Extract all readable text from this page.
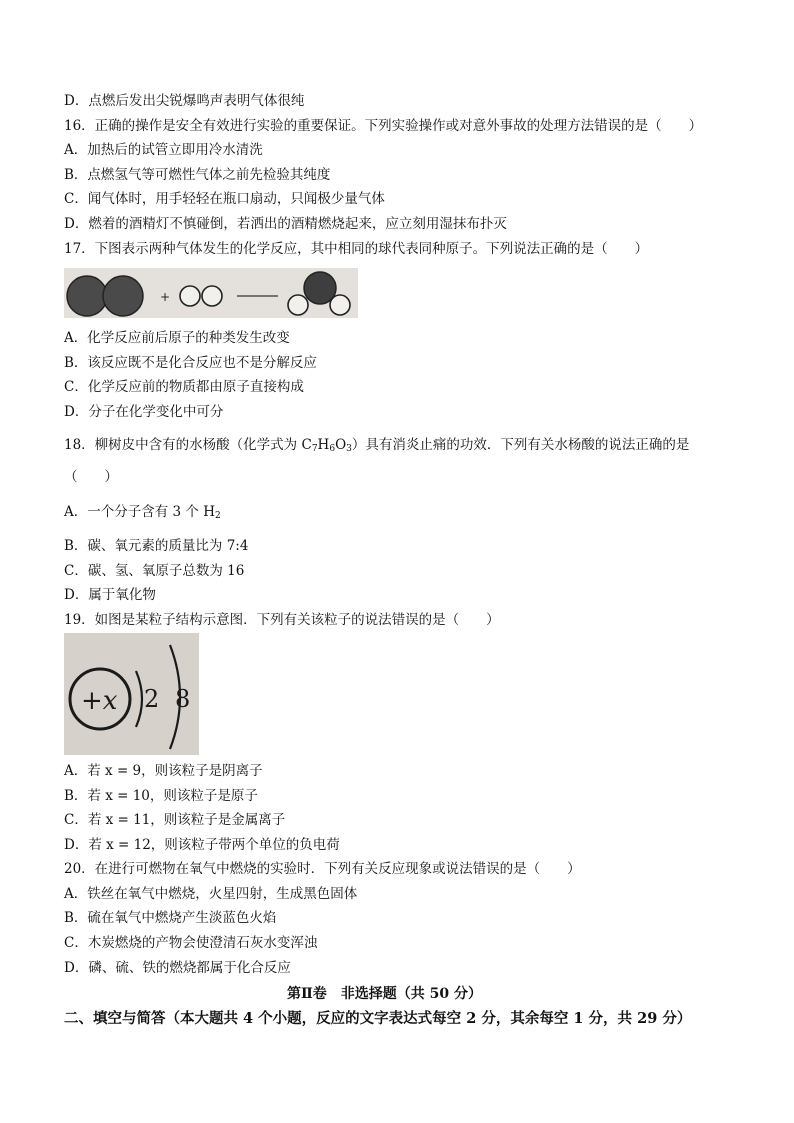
D．点燃后发出尖锐爆鸣声表明气体很纯
16．正确的操作是安全有效进行实验的重要保证。下列实验操作或对意外事故的处理方法错误的是（　　）
A．加热后的试管立即用冷水清洗
B．点燃氢气等可燃性气体之前先检验其纯度
C．闻气体时，用手轻轻在瓶口扇动，只闻极少量气体
D．燃着的酒精灯不慎碰倒，若洒出的酒精燃烧起来，应立刻用湿抹布扑灭
17．下图表示两种气体发生的化学反应，其中相同的球代表同种原子。下列说法正确的是（　　）
+
A．化学反应前后原子的种类发生改变
B．该反应既不是化合反应也不是分解反应
C．化学反应前的物质都由原子直接构成
D．分子在化学变化中可分
18．柳树皮中含有的水杨酸（化学式为 $C_7H_6O_3$）具有消炎止痛的功效．下列有关水杨酸的说法正确的是
（　　）
A．一个分子含有 3 个 $H_2$
B．碳、氧元素的质量比为 7:4
C．碳、氢、氧原子总数为 16
D．属于氧化物
19．如图是某粒子结构示意图．下列有关该粒子的说法错误的是（　　）
+x 2 8
A．若 x = 9，则该粒子是阴离子
B．若 x = 10，则该粒子是原子
C．若 x = 11，则该粒子是金属离子
D．若 x = 12，则该粒子带两个单位的负电荷
20．在进行可燃物在氧气中燃烧的实验时．下列有关反应现象或说法错误的是（　　）
A．铁丝在氧气中燃烧，火星四射，生成黑色固体
B．硫在氧气中燃烧产生淡蓝色火焰
C．木炭燃烧的产物会使澄清石灰水变浑浊
D．磷、硫、铁的燃烧都属于化合反应
第Ⅱ卷　非选择题（共 50 分）
二、填空与简答（本大题共 4 个小题，反应的文字表达式每空 2 分，其余每空 1 分，共 29 分）
